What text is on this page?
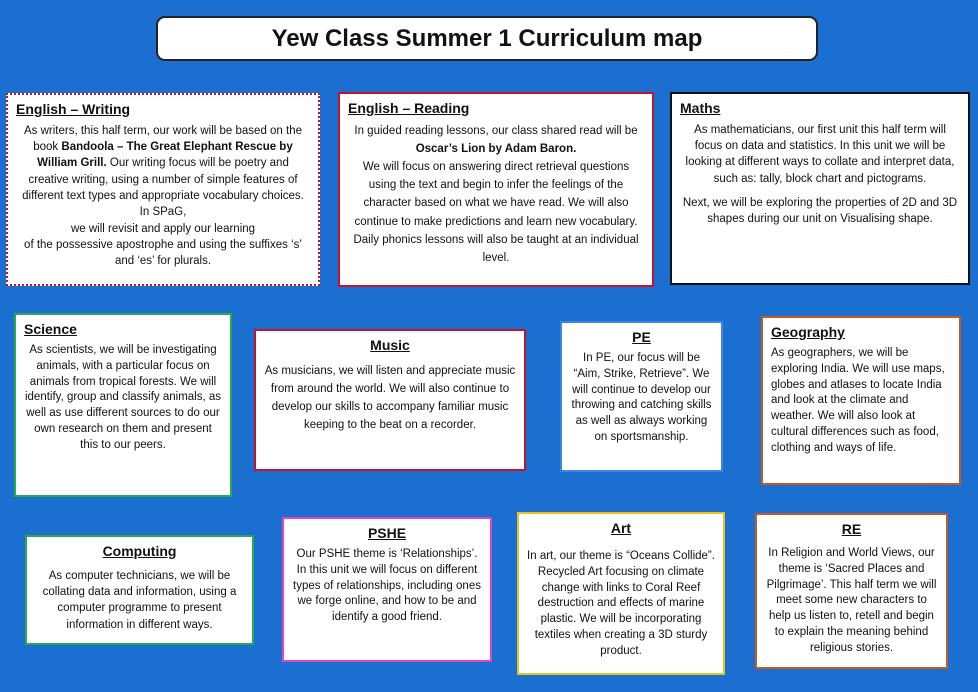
Yew Class Summer 1 Curriculum map
English – Writing

As writers, this half term, our work will be based on the book Bandoola – The Great Elephant Rescue by William Grill. Our writing focus will be poetry and creative writing, using a number of simple features of different text types and appropriate vocabulary choices. In SPaG,
we will revisit and apply our learning
of the possessive apostrophe and using the suffixes ‘s’ and ‘es’ for plurals.

English – Reading

In guided reading lessons, our class shared read will be
Oscar’s Lion by Adam Baron.
We will focus on answering direct retrieval questions using the text and begin to infer the feelings of the character based on what we have read. We will also continue to make predictions and learn new vocabulary. Daily phonics lessons will also be taught at an individual level.

Maths

As mathematicians, our first unit this half term will focus on data and statistics. In this unit we will be looking at different ways to collate and interpret data, such as: tally, block chart and pictograms.

Next, we will be exploring the properties of 2D and 3D shapes during our unit on Visualising shape.

Science

As scientists, we will be investigating animals, with a particular focus on animals from tropical forests. We will identify, group and classify animals, as well as use different sources to do our own research on them and present this to our peers.

Music

As musicians, we will listen and appreciate music from around the world. We will also continue to develop our skills to accompany familiar music keeping to the beat on a recorder.

PE

In PE, our focus will be “Aim, Strike, Retrieve”. We will continue to develop our throwing and catching skills as well as always working on sportsmanship.

Geography

As geographers, we will be exploring India. We will use maps, globes and atlases to locate India and look at the climate and weather. We will also look at cultural differences such as food, clothing and ways of life.

Computing

As computer technicians, we will be collating data and information, using a computer programme to present information in different ways.

PSHE

Our PSHE theme is ‘Relationships’. In this unit we will focus on different types of relationships, including ones we forge online, and how to be and identify a good friend.

Art

In art, our theme is “Oceans Collide”. Recycled Art focusing on climate change with links to Coral Reef destruction and effects of marine plastic. We will be incorporating textiles when creating a 3D sturdy product.

RE

In Religion and World Views, our theme is ‘Sacred Places and Pilgrimage’. This half term we will meet some new characters to help us listen to, retell and begin to explain the meaning behind religious stories.
